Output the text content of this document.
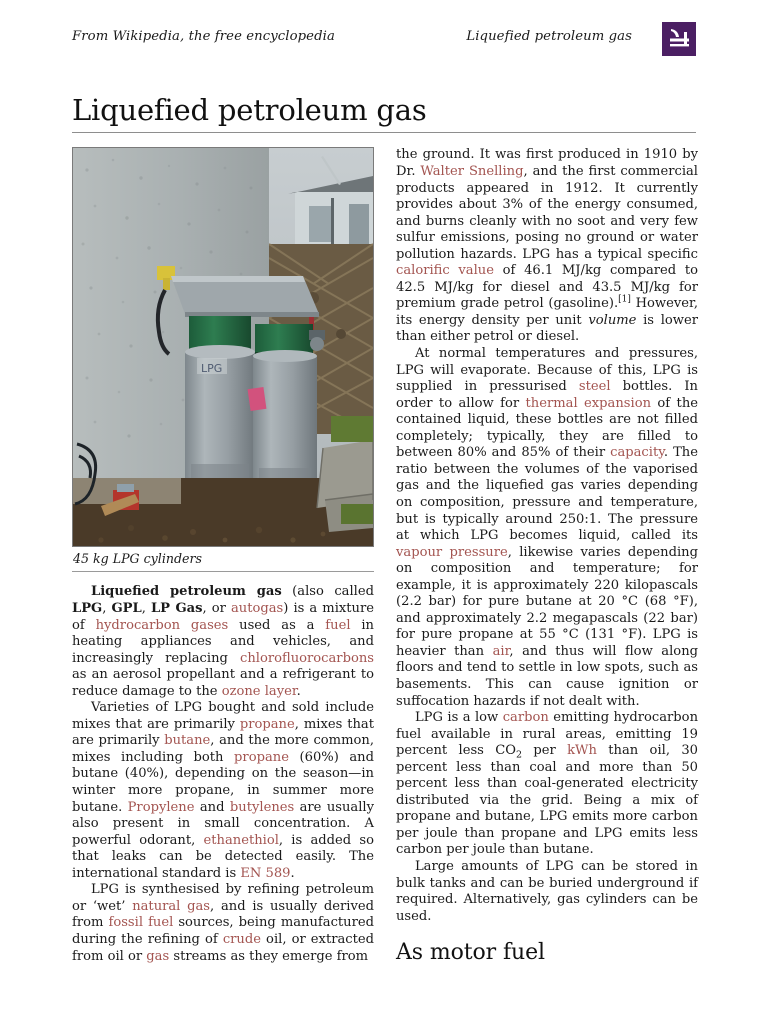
From Wikipedia, the free encyclopedia	Liquefied petroleum gas
Liquefied petroleum gas
LPG
45 kg LPG cylinders

Liquefied petroleum gas (also called LPG, GPL, LP Gas, or autogas) is a mixture of hydrocarbon gases used as a fuel in heating appliances and vehicles, and increasingly replacing chlorofluorocarbons as an aerosol propellant and a refrigerant to reduce damage to the ozone layer.

Varieties of LPG bought and sold include mixes that are primarily propane, mixes that are primarily butane, and the more common, mixes including both propane (60%) and butane (40%), depending on the season—in winter more propane, in summer more butane. Propylene and butylenes are usually also present in small concentration. A powerful odorant, ethanethiol, is added so that leaks can be detected easily. The international standard is EN 589.

LPG is synthesised by refining petroleum or ‘wet’ natural gas, and is usually derived from fossil fuel sources, being manufactured during the refining of crude oil, or extracted from oil or gas streams as they emerge from

the ground. It was first produced in 1910 by Dr. Walter Snelling, and the first commercial products appeared in 1912. It currently provides about 3% of the energy consumed, and burns cleanly with no soot and very few sulfur emissions, posing no ground or water pollution hazards. LPG has a typical specific calorific value of 46.1 MJ/kg compared to 42.5 MJ/kg for diesel and 43.5 MJ/kg for premium grade petrol (gasoline).[1] However, its energy density per unit volume is lower than either petrol or diesel.

At normal temperatures and pressures, LPG will evaporate. Because of this, LPG is supplied in pressurised steel bottles. In order to allow for thermal expansion of the contained liquid, these bottles are not filled completely; typically, they are filled to between 80% and 85% of their capacity. The ratio between the volumes of the vaporised gas and the liquefied gas varies depending on composition, pressure and temperature, but is typically around 250:1. The pressure at which LPG becomes liquid, called its vapour pressure, likewise varies depending on composition and temperature; for example, it is approximately 220 kilopascals (2.2 bar) for pure butane at 20 °C (68 °F), and approximately 2.2 megapascals (22 bar) for pure propane at 55 °C (131 °F). LPG is heavier than air, and thus will flow along floors and tend to settle in low spots, such as basements. This can cause ignition or suffocation hazards if not dealt with.

LPG is a low carbon emitting hydrocarbon fuel available in rural areas, emitting 19 percent less $CO_2$ per kWh than oil, 30 percent less than coal and more than 50 percent less than coal-generated electricity distributed via the grid. Being a mix of propane and butane, LPG emits more carbon per joule than propane and LPG emits less carbon per joule than butane.

Large amounts of LPG can be stored in bulk tanks and can be buried underground if required. Alternatively, gas cylinders can be used.

As motor fuel
